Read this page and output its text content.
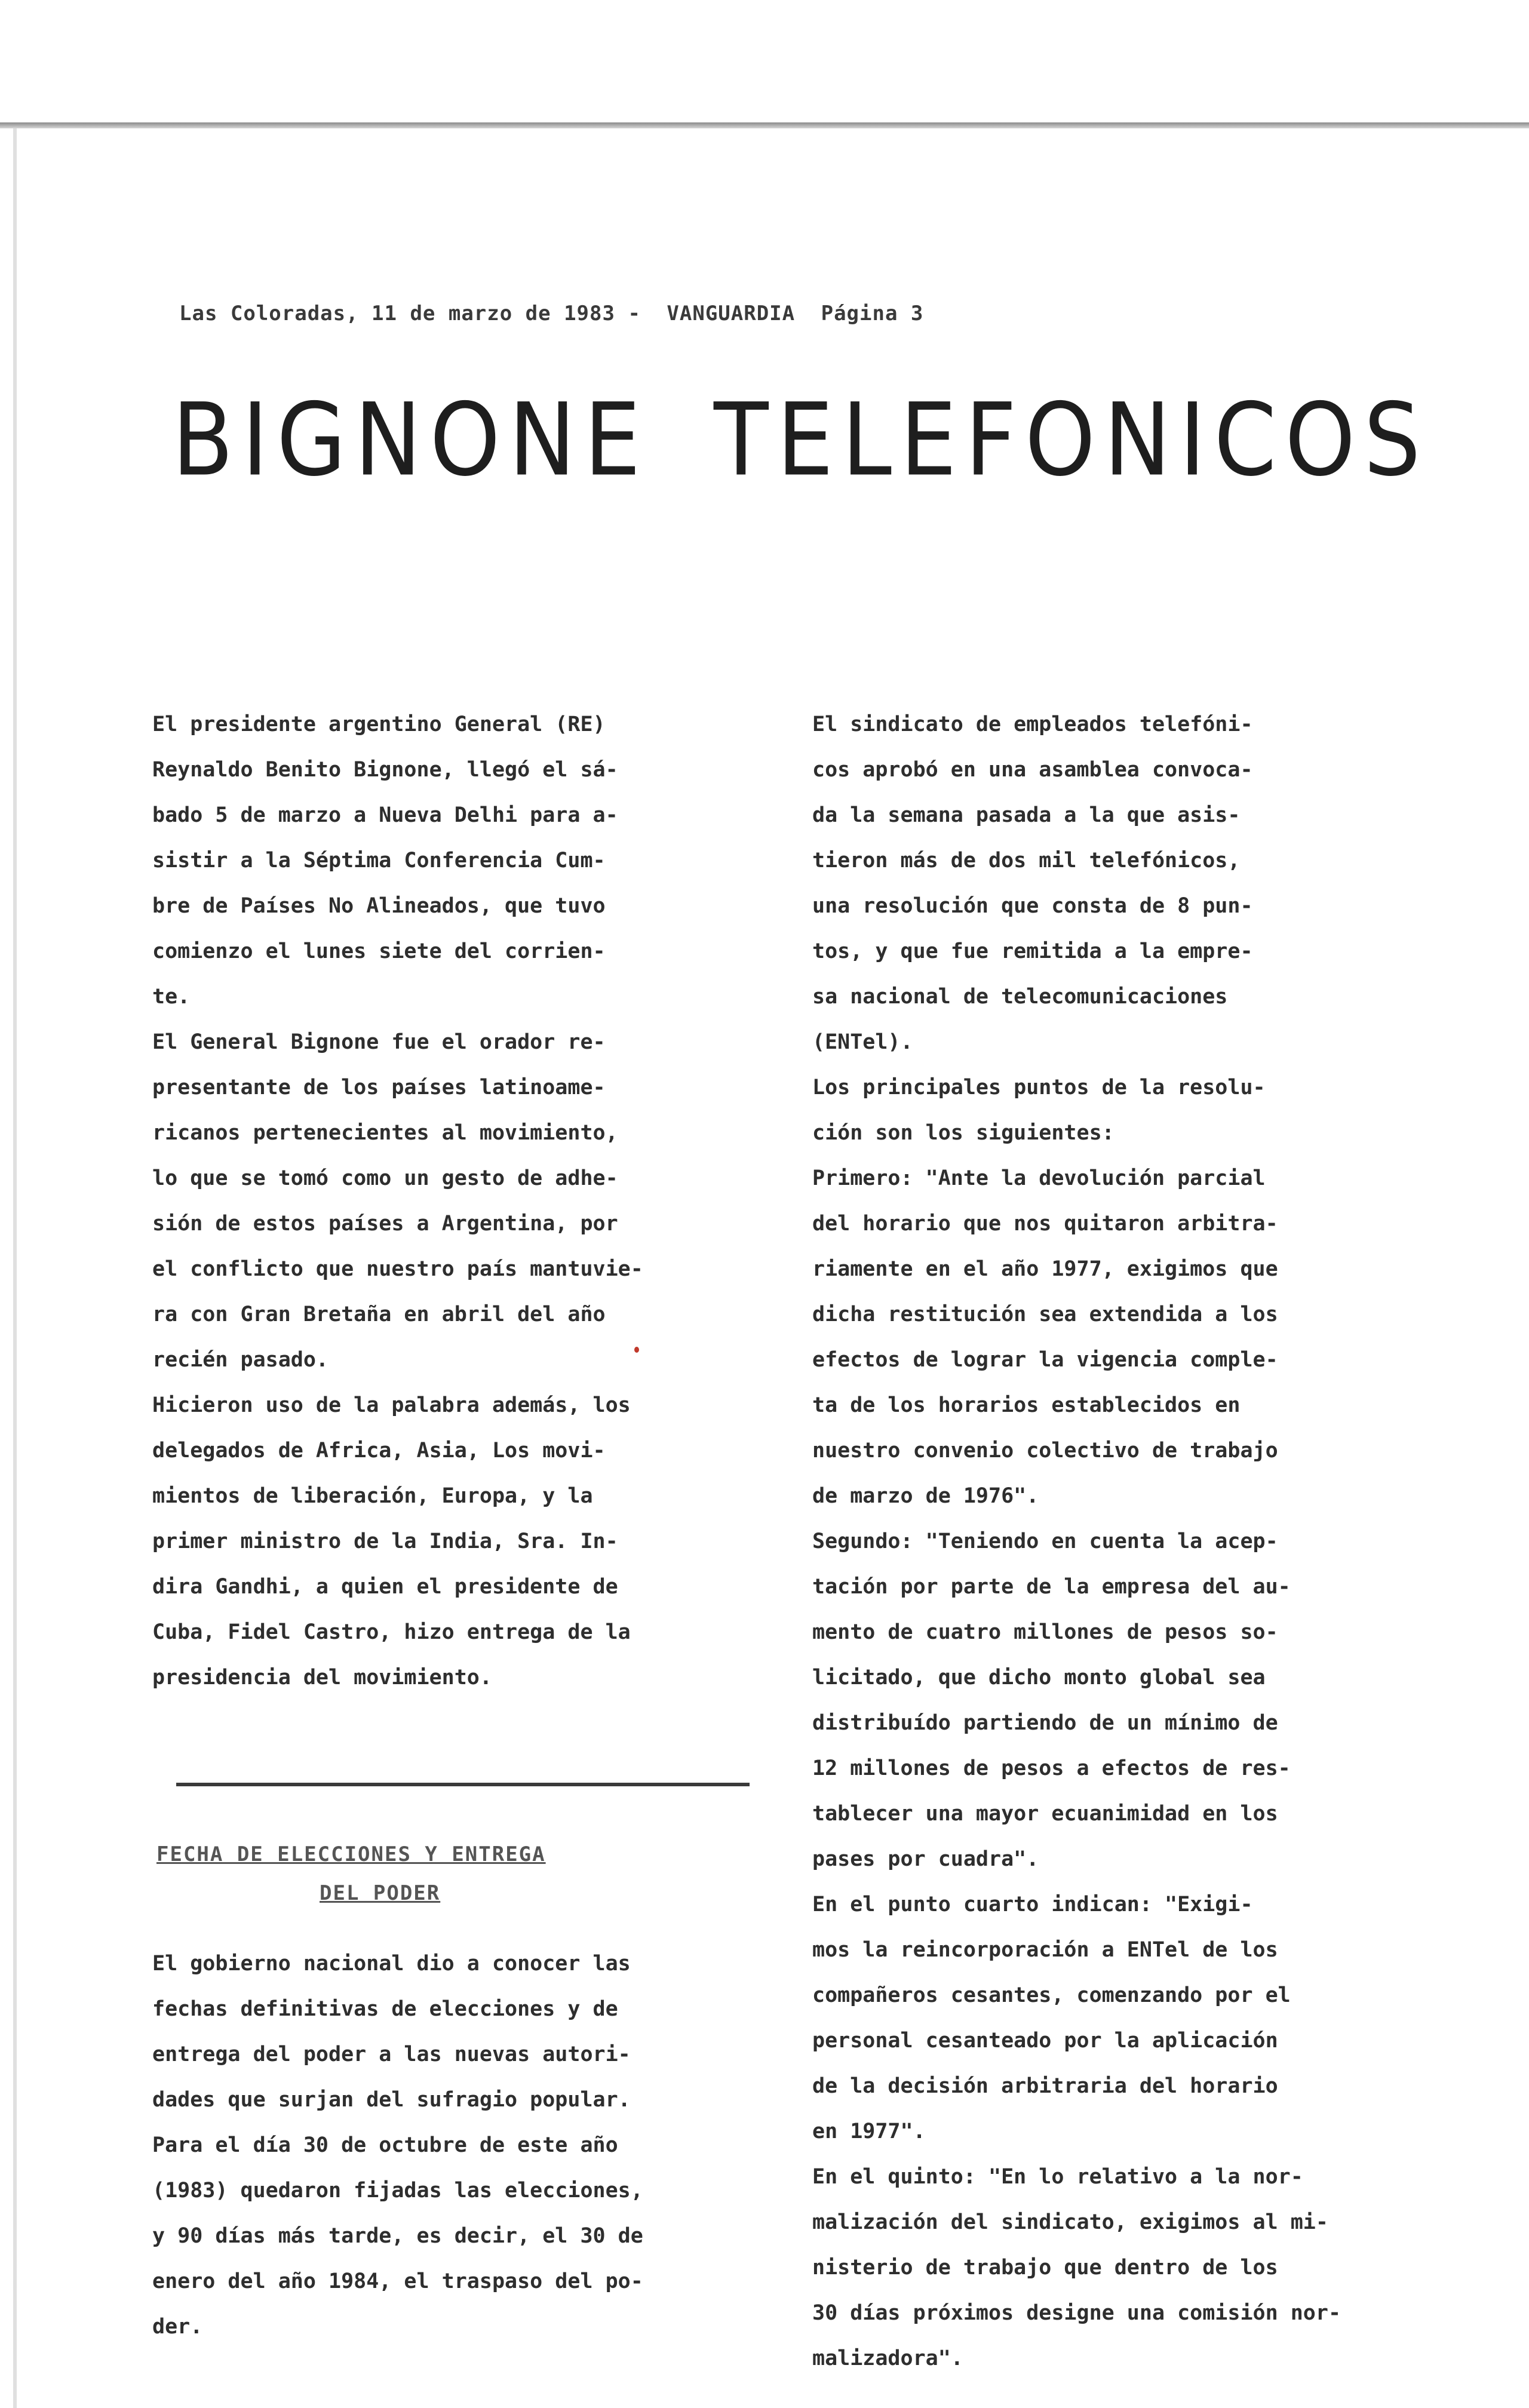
Las Coloradas, 11 de marzo de 1983 - VANGUARDIA Página 3
BIGNONE TELEFONICOS

El presidente argentino General (RE)

Reynaldo Benito Bignone, llegó el sá-

bado 5 de marzo a Nueva Delhi para a-

sistir a la Séptima Conferencia Cum-

bre de Países No Alineados, que tuvo

comienzo el lunes siete del corrien-

te.

El General Bignone fue el orador re-

presentante de los países latinoame-

ricanos pertenecientes al movimiento,

lo que se tomó como un gesto de adhe-

sión de estos países a Argentina, por

el conflicto que nuestro país mantuvie-

ra con Gran Bretaña en abril del año

recién pasado.

Hicieron uso de la palabra además, los

delegados de Africa, Asia, Los movi-

mientos de liberación, Europa, y la

primer ministro de la India, Sra. In-

dira Gandhi, a quien el presidente de

Cuba, Fidel Castro, hizo entrega de la

presidencia del movimiento.

FECHA DE ELECCIONES Y ENTREGA
DEL PODER

El gobierno nacional dio a conocer las

fechas definitivas de elecciones y de

entrega del poder a las nuevas autori-

dades que surjan del sufragio popular.

Para el día 30 de octubre de este año

(1983) quedaron fijadas las elecciones,

y 90 días más tarde, es decir, el 30 de

enero del año 1984, el traspaso del po-

der.

El sindicato de empleados telefóni-

cos aprobó en una asamblea convoca-

da la semana pasada a la que asis-

tieron más de dos mil telefónicos,

una resolución que consta de 8 pun-

tos, y que fue remitida a la empre-

sa nacional de telecomunicaciones

(ENTel).

Los principales puntos de la resolu-

ción son los siguientes:

Primero: "Ante la devolución parcial

del horario que nos quitaron arbitra-

riamente en el año 1977, exigimos que

dicha restitución sea extendida a los

efectos de lograr la vigencia comple-

ta de los horarios establecidos en

nuestro convenio colectivo de trabajo

de marzo de 1976".

Segundo: "Teniendo en cuenta la acep-

tación por parte de la empresa del au-

mento de cuatro millones de pesos so-

licitado, que dicho monto global sea

distribuído partiendo de un mínimo de

12 millones de pesos a efectos de res-

tablecer una mayor ecuanimidad en los

pases por cuadra".

En el punto cuarto indican: "Exigi-

mos la reincorporación a ENTel de los

compañeros cesantes, comenzando por el

personal cesanteado por la aplicación

de la decisión arbitraria del horario

en 1977".

En el quinto: "En lo relativo a la nor-

malización del sindicato, exigimos al mi-

nisterio de trabajo que dentro de los

30 días próximos designe una comisión nor-

malizadora".
